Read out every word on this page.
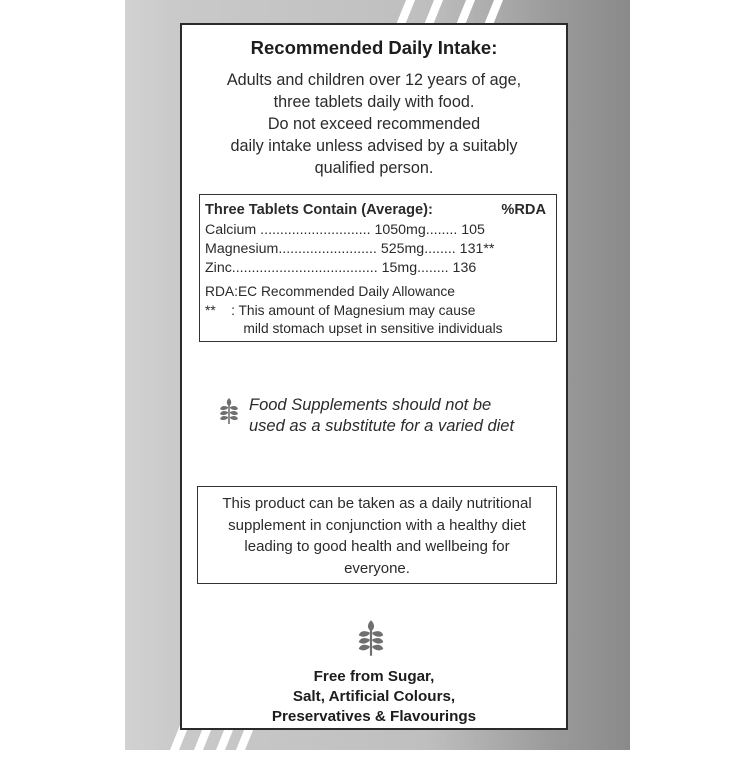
Recommended Daily Intake:
Adults and children over 12 years of age,
three tablets daily with food.
Do not exceed recommended
daily intake unless advised by a suitably
qualified person.
Three Tablets Contain (Average):	%RDA
Calcium ............................ 1050mg........ 105
Magnesium......................... 525mg........ 131**
Zinc..................................... 15mg........ 136
RDA:EC Recommended Daily Allowance
**    : This amount of Magnesium may cause
mild stomach upset in sensitive individuals
Food Supplements should not be
used as a substitute for a varied diet
This product can be taken as a daily nutritional
supplement in conjunction with a healthy diet
leading to good health and wellbeing for
everyone.
Free from Sugar,
Salt, Artificial Colours,
Preservatives & Flavourings
